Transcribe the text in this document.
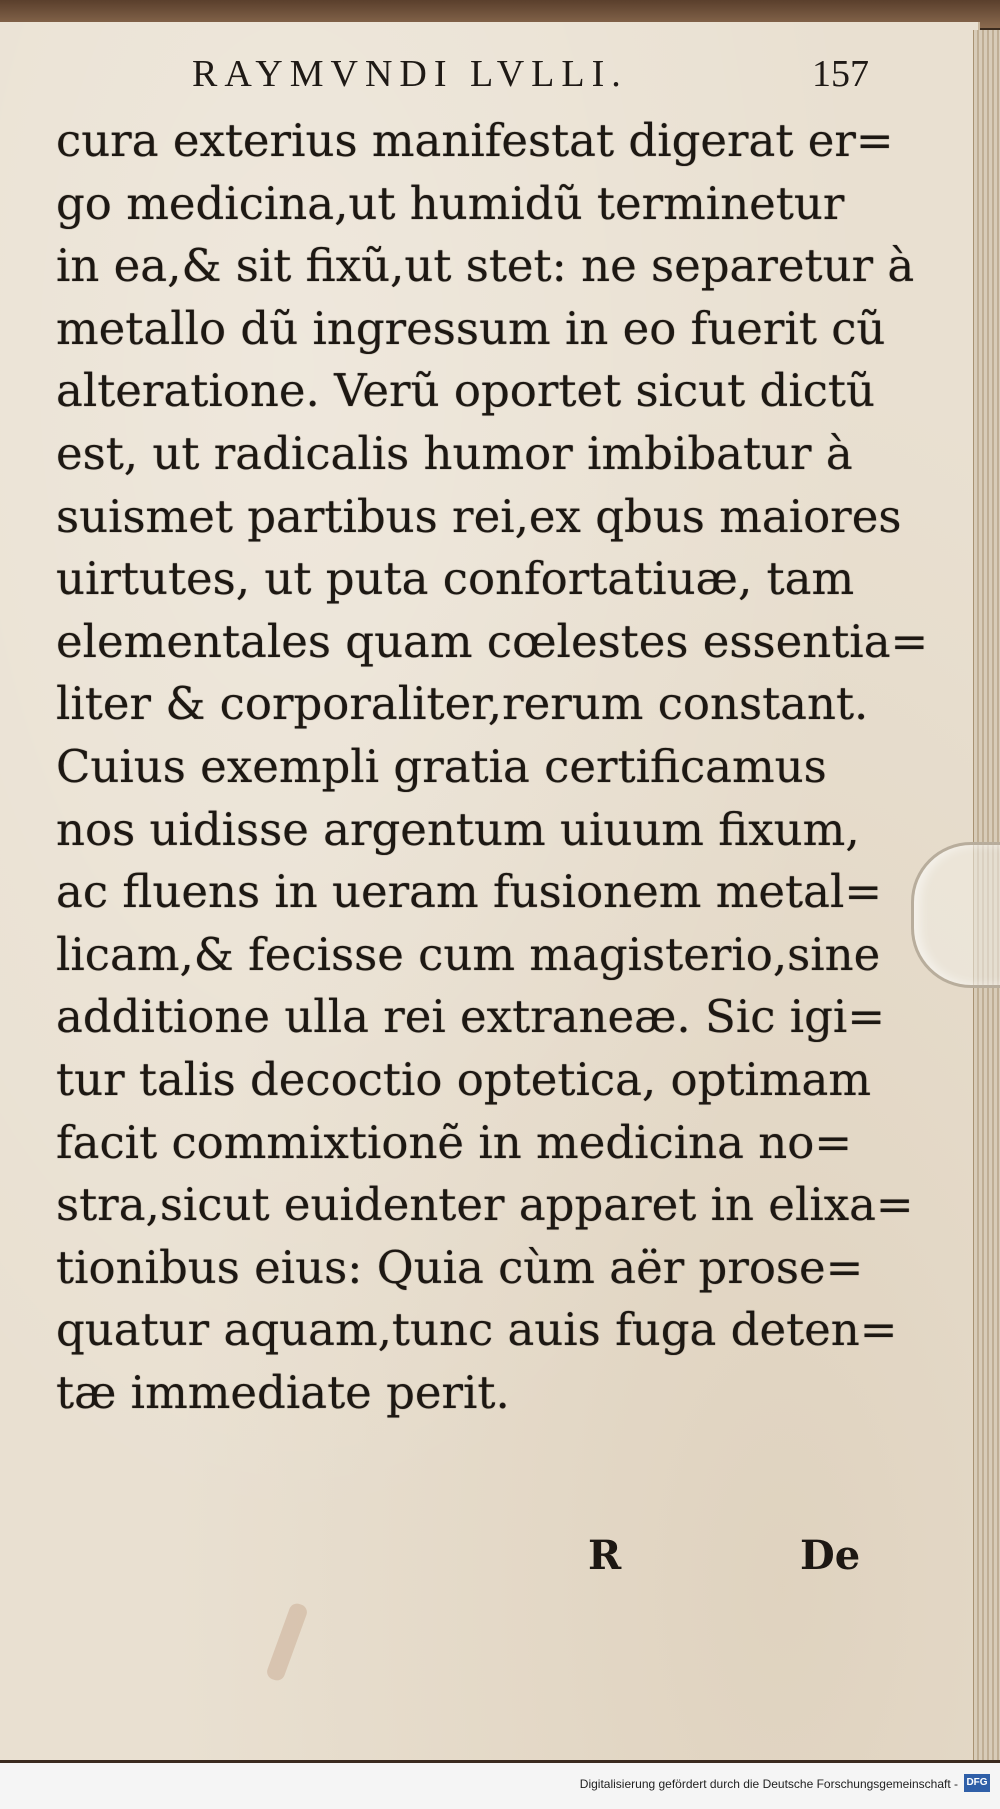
RAYMVNDI LVLLI.	157
cura exterius manifestat digerat er=
go medicina,ut humidũ terminetur
in ea,& sit fixũ,ut stet: ne separetur à
metallo dũ ingressum in eo fuerit cũ
alteratione. Verũ oportet sicut dictũ
est, ut radicalis humor imbibatur à
suismet partibus rei,ex qbus maiores
uirtutes, ut puta confortatiuæ, tam
elementales quam cœlestes essentia=
liter & corporaliter,rerum constant.
Cuius exempli gratia certificamus
nos uidisse argentum uiuum fixum,
ac fluens in ueram fusionem metal=
licam,& fecisse cum magisterio,sine
additione ulla rei extraneæ. Sic igi=
tur talis decoctio optetica, optimam
facit commixtionẽ in medicina no=
stra,sicut euidenter apparet in elixa=
tionibus eius: Quia cùm aër prose=
quatur aquam,tunc auis fuga deten=
tæ immediate perit.
R	De
Digitalisierung gefördert durch die Deutsche Forschungsgemeinschaft - DFG
